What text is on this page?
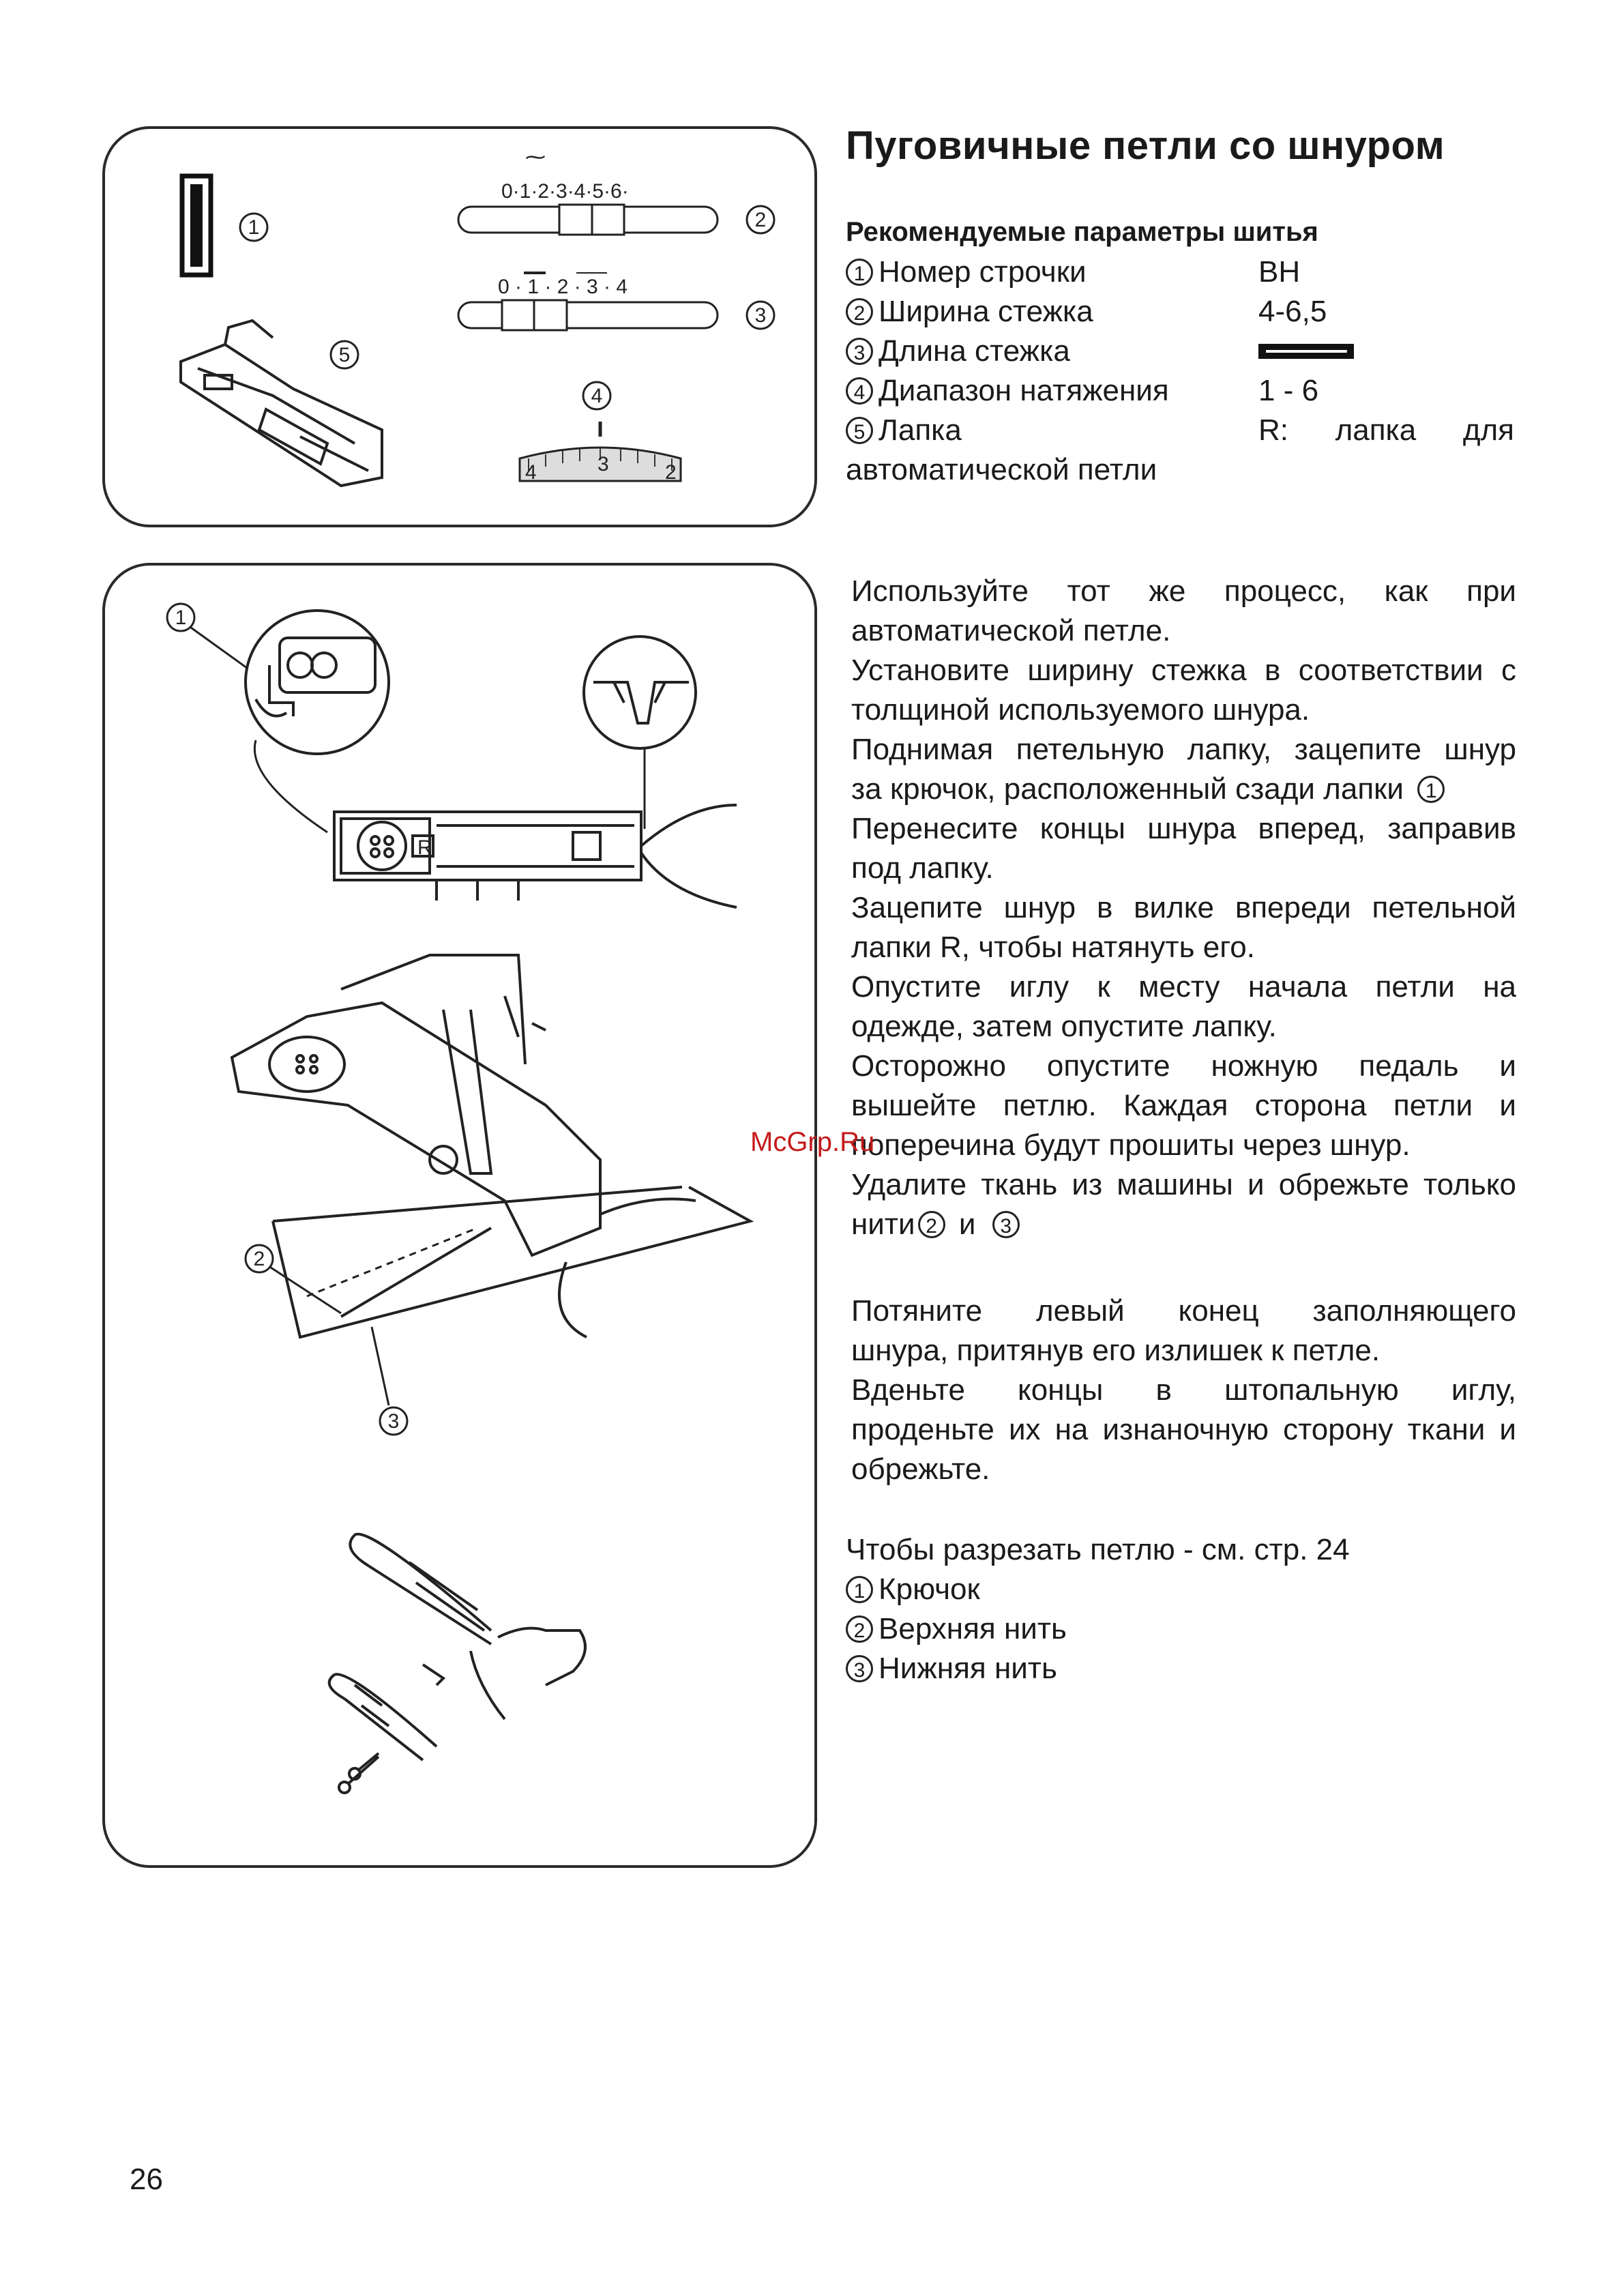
1
⁓
0·1·2·3·4·5·6·
2
0 · 1 · 2 · 3 · 4
3
4
4	3	2
5
1
R
2
3
Пуговичные петли со шнуром
Рекомендуемые параметры шитья
1 Номер строчки	BH
2 Ширина стежка	4-6,5
3 Длина стежка
4 Диапазон натяжения	1 - 6
5 Лапка	R: лапка для
автоматической петли
Используйте тот же процесс, как при
автоматической петле.
Установите ширину стежка в соответствии с
толщиной используемого шнура.
Поднимая петельную лапку, зацепите шнур
за крючок, расположенный сзади лапки 1
Перенесите концы шнура вперед, заправив
под лапку.
Зацепите шнур в вилке впереди петельной
лапки R, чтобы натянуть его.
Опустите иглу к месту начала петли на
одежде, затем опустите лапку.
Осторожно опустите ножную педаль и
вышейте петлю. Каждая сторона петли и
поперечина будут прошиты через шнур.
Удалите ткань из машины и обрежьте только
нити 2 и 3
Потяните левый конец заполняющего
шнура, притянув его излишек к петле.
Вденьте концы в штопальную иглу,
проденьте их на изнаночную сторону ткани и
обрежьте.
Чтобы разрезать петлю - см. стр. 24
1 Крючок
2 Верхняя нить
3 Нижняя нить
McGrp.Ru
26
